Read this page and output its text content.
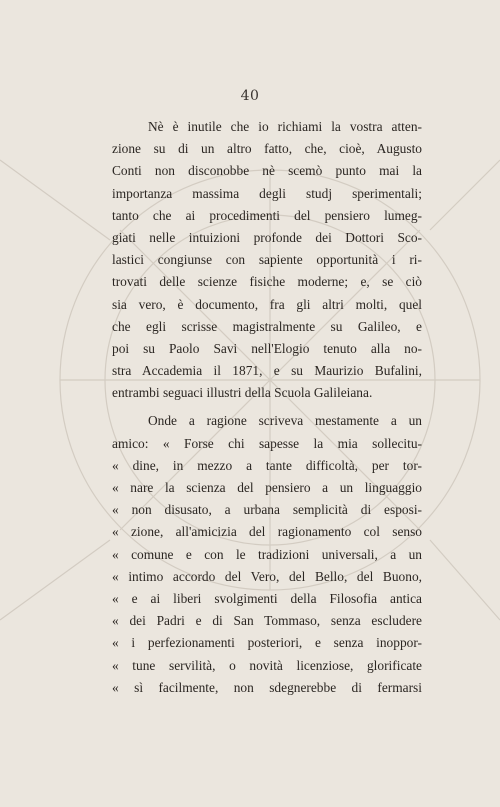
40
Nè è inutile che io richiami la vostra atten-
zione su di un altro fatto, che, cioè, Augusto
Conti non disconobbe nè scemò punto mai la
importanza massima degli studj sperimentali;
tanto che ai procedimenti del pensiero lumeg-
giati nelle intuizioni profonde dei Dottori Sco-
lastici congiunse con sapiente opportunità i ri-
trovati delle scienze fisiche moderne; e, se ciò
sia vero, è documento, fra gli altri molti, quel
che egli scrisse magistralmente su Galileo, e
poi su Paolo Savi nell'Elogio tenuto alla no-
stra Accademia il 1871, e su Maurizio Bufalini,
entrambi seguaci illustri della Scuola Galileiana.
Onde a ragione scriveva mestamente a un
amico: « Forse chi sapesse la mia sollecitu-
« dine, in mezzo a tante difficoltà, per tor-
« nare la scienza del pensiero a un linguaggio
« non disusato, a urbana semplicità di esposi-
« zione, all'amicizia del ragionamento col senso
« comune e con le tradizioni universali, a un
« intimo accordo del Vero, del Bello, del Buono,
« e ai liberi svolgimenti della Filosofia antica
« dei Padri e di San Tommaso, senza escludere
« i perfezionamenti posteriori, e senza inoppor-
« tune servilità, o novità licenziose, glorificate
« sì facilmente, non sdegnerebbe di fermarsi
